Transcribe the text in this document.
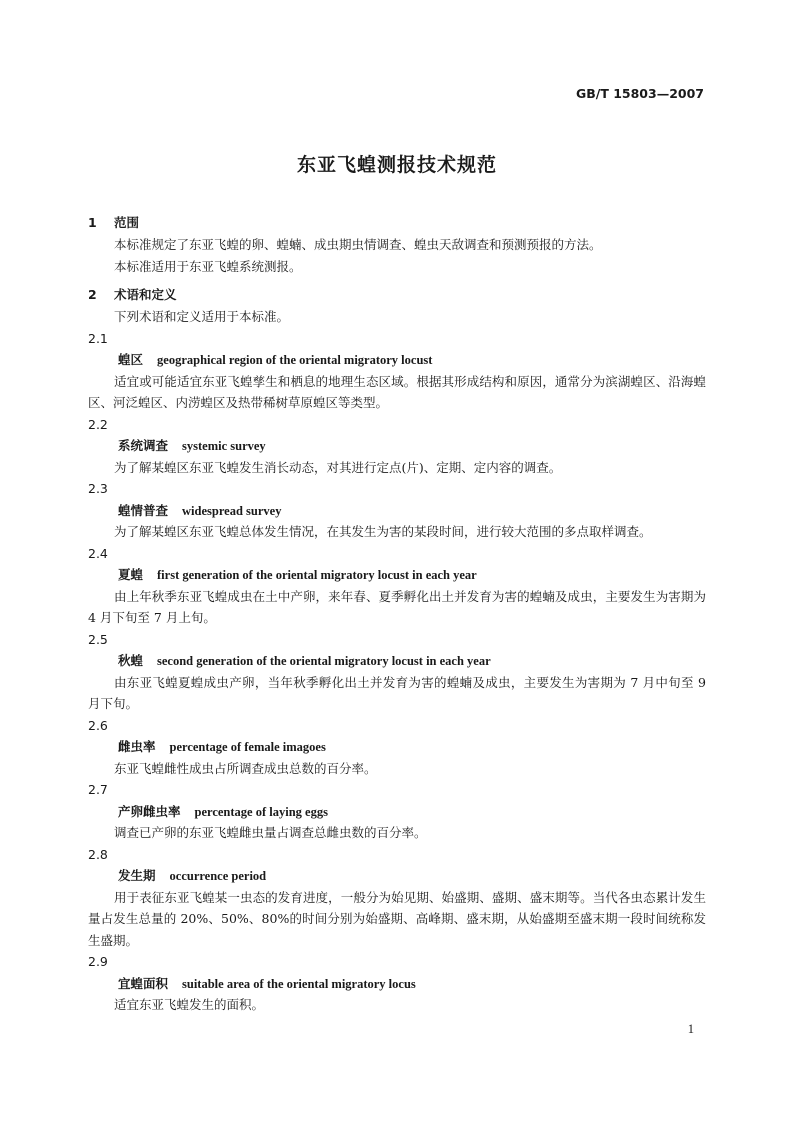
GB/T 15803—2007
东亚飞蝗测报技术规范
1 范围
本标准规定了东亚飞蝗的卵、蝗蝻、成虫期虫情调查、蝗虫天敌调查和预测预报的方法。
本标准适用于东亚飞蝗系统测报。
2 术语和定义
下列术语和定义适用于本标准。
2.1
蝗区 geographical region of the oriental migratory locust
适宜或可能适宜东亚飞蝗孳生和栖息的地理生态区域。根据其形成结构和原因，通常分为滨湖蝗区、沿海蝗区、河泛蝗区、内涝蝗区及热带稀树草原蝗区等类型。
2.2
系统调查 systemic survey
为了解某蝗区东亚飞蝗发生消长动态，对其进行定点(片)、定期、定内容的调查。
2.3
蝗情普查 widespread survey
为了解某蝗区东亚飞蝗总体发生情况，在其发生为害的某段时间，进行较大范围的多点取样调查。
2.4
夏蝗 first generation of the oriental migratory locust in each year
由上年秋季东亚飞蝗成虫在土中产卵，来年春、夏季孵化出土并发育为害的蝗蝻及成虫，主要发生为害期为 4 月下旬至 7 月上旬。
2.5
秋蝗 second generation of the oriental migratory locust in each year
由东亚飞蝗夏蝗成虫产卵，当年秋季孵化出土并发育为害的蝗蝻及成虫，主要发生为害期为 7 月中旬至 9 月下旬。
2.6
雌虫率 percentage of female imagoes
东亚飞蝗雌性成虫占所调查成虫总数的百分率。
2.7
产卵雌虫率 percentage of laying eggs
调查已产卵的东亚飞蝗雌虫量占调查总雌虫数的百分率。
2.8
发生期 occurrence period
用于表征东亚飞蝗某一虫态的发育进度，一般分为始见期、始盛期、盛期、盛末期等。当代各虫态累计发生量占发生总量的 20%、50%、80%的时间分别为始盛期、高峰期、盛末期，从始盛期至盛末期一段时间统称发生盛期。
2.9
宜蝗面积 suitable area of the oriental migratory locus
适宜东亚飞蝗发生的面积。
1
